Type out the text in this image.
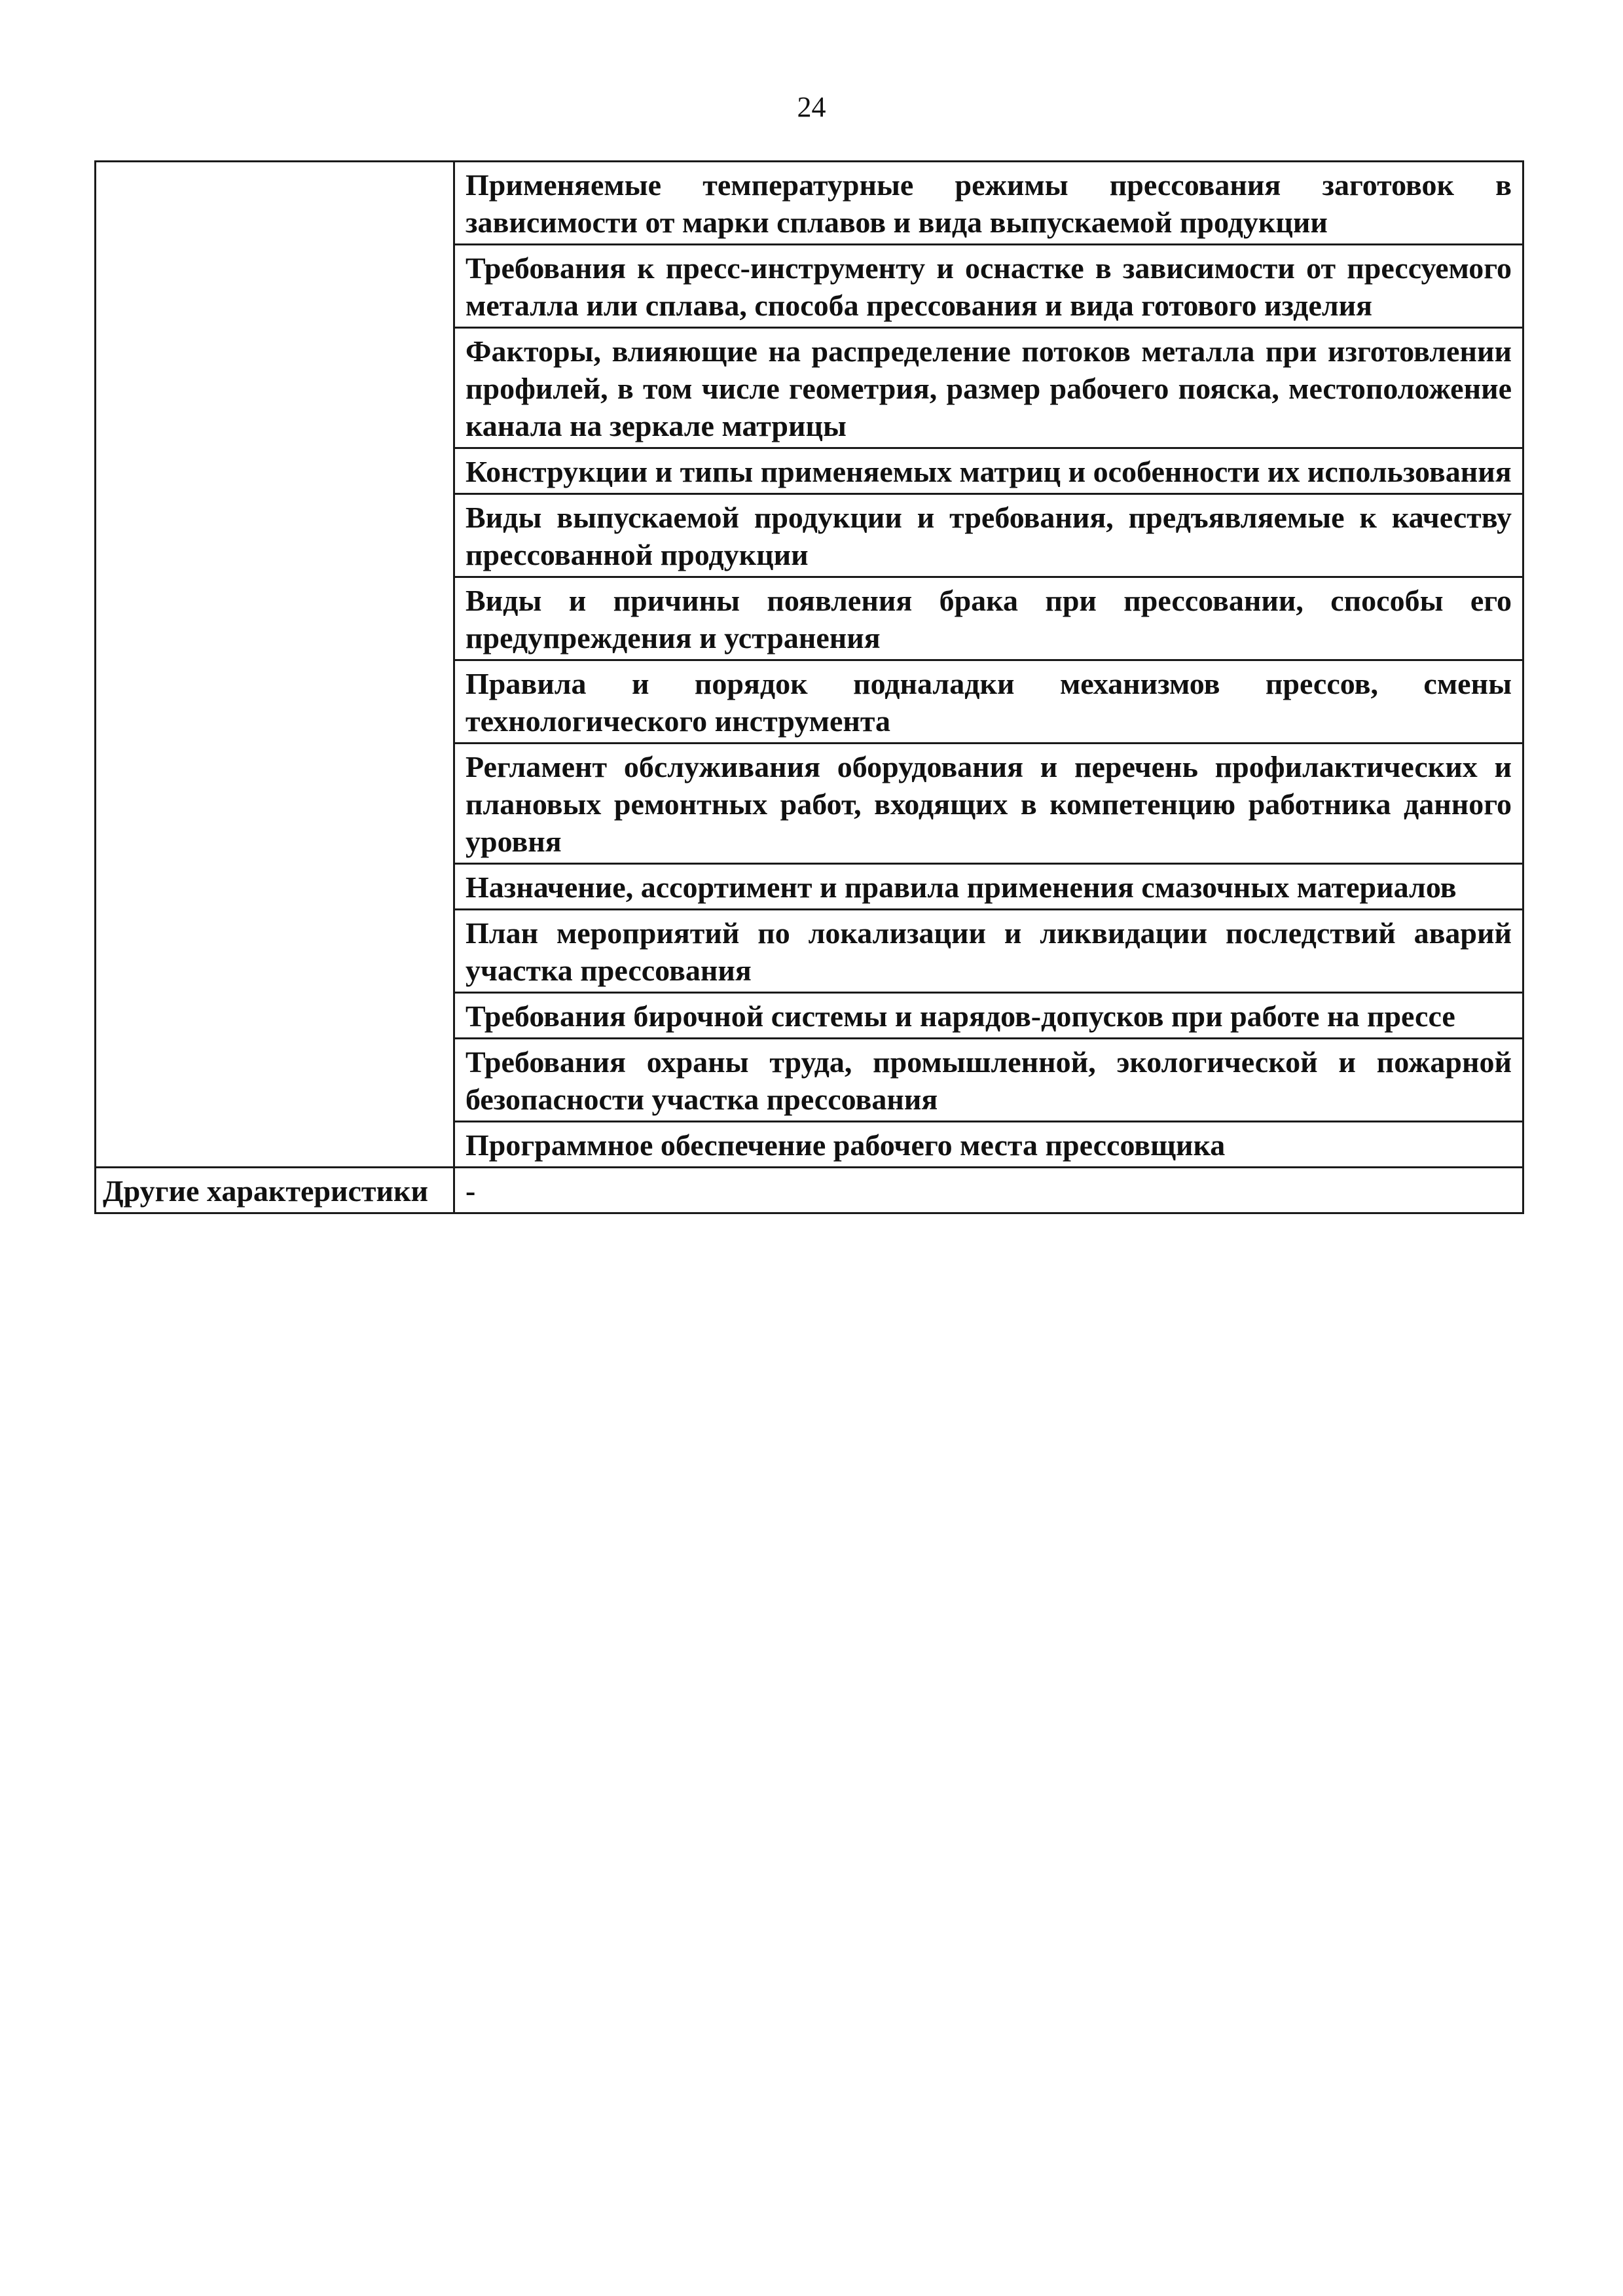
24
	Применяемые температурные режимы прессования заготовок в зависимости от марки сплавов и вида выпускаемой продукции
	Требования к пресс-инструменту и оснастке в зависимости от прессуемого металла или сплава, способа прессования и вида готового изделия
	Факторы, влияющие на распределение потоков металла при изготовлении профилей, в том числе геометрия, размер рабочего пояска, местоположение канала на зеркале матрицы
	Конструкции и типы применяемых матриц и особенности их использования
	Виды выпускаемой продукции и требования, предъявляемые к качеству прессованной продукции
	Виды и причины появления брака при прессовании, способы его предупреждения и устранения
	Правила и порядок подналадки механизмов прессов, смены технологического инструмента
	Регламент обслуживания оборудования и перечень профилактических и плановых ремонтных работ, входящих в компетенцию работника данного уровня
	Назначение, ассортимент и правила применения смазочных материалов
	План мероприятий по локализации и ликвидации последствий аварий участка прессования
	Требования бирочной системы и нарядов-допусков при работе на прессе
	Требования охраны труда, промышленной, экологической и пожарной безопасности участка прессования
	Программное обеспечение рабочего места прессовщика
Другие характеристики	-
